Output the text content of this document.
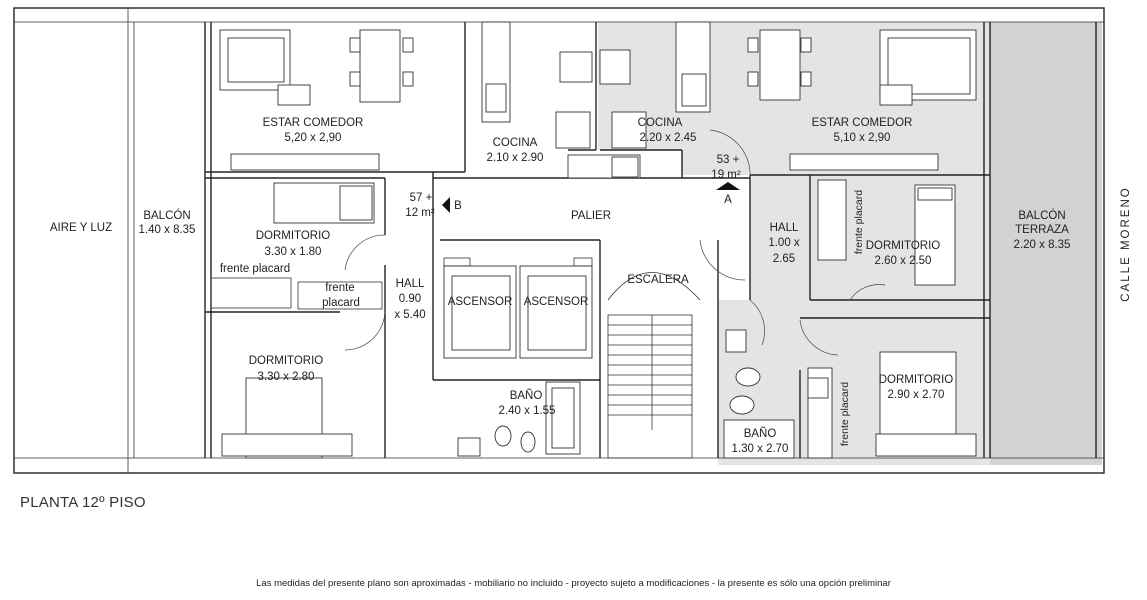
AIRE Y LUZ
BALCÓN
1.40 x 8.35
ESTAR COMEDOR
5,20 x 2,90	COCINA
2.10 x 2.90
57 +
12 m²
B
DORMITORIO
3.30 x 1.80
frente placard
frente
placard
HALL
0.90
x 5.40
DORMITORIO
3.30 x 2.80
BAÑO
2.40 x 1.55
PALIER
ASCENSOR ASCENSOR
ESCALERA
COCINA
2.20 x 2.45
53 +
19 m²
A
ESTAR COMEDOR
5,10 x 2,90
HALL
1.00 x
2.65
DORMITORIO
2.60 x 2.50
frente placard	BALCÓN
TERRAZA
2.20 x 8.35
DORMITORIO
2.90 x 2.70
frente placard
BAÑO
1.30 x 2.70
CALLE MORENO
PLANTA 12º PISO
Las medidas del presente plano son aproximadas - mobiliario no incluido - proyecto sujeto a modificaciones - la presente es sólo una opción preliminar
